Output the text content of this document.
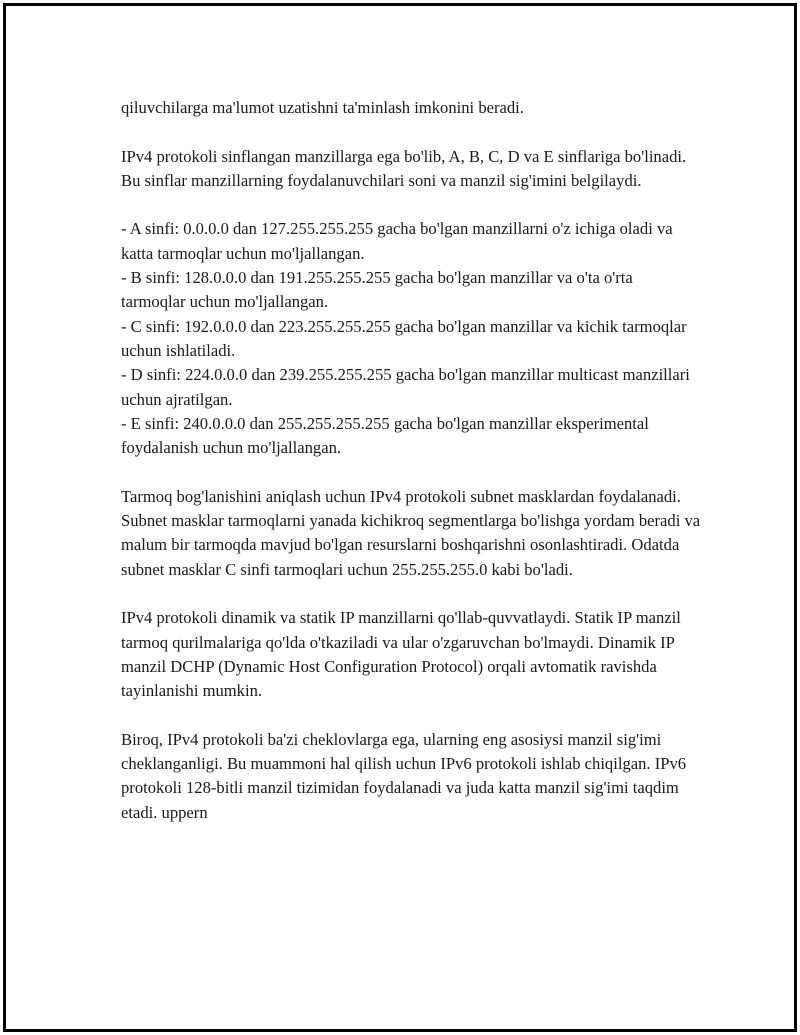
qiluvchilarga ma'lumot uzatishni ta'minlash imkonini beradi.

IPv4 protokoli sinflangan manzillarga ega bo'lib, A, B, C, D va E sinflariga bo'linadi. Bu sinflar manzillarning foydalanuvchilari soni va manzil sig'imini belgilaydi.

- A sinfi: 0.0.0.0 dan 127.255.255.255 gacha bo'lgan manzillarni o'z ichiga oladi va katta tarmoqlar uchun mo'ljallangan.
- B sinfi: 128.0.0.0 dan 191.255.255.255 gacha bo'lgan manzillar va o'ta o'rta tarmoqlar uchun mo'ljallangan.
- C sinfi: 192.0.0.0 dan 223.255.255.255 gacha bo'lgan manzillar va kichik tarmoqlar uchun ishlatiladi.
- D sinfi: 224.0.0.0 dan 239.255.255.255 gacha bo'lgan manzillar multicast manzillari uchun ajratilgan.
- E sinfi: 240.0.0.0 dan 255.255.255.255 gacha bo'lgan manzillar eksperimental foydalanish uchun mo'ljallangan.

Tarmoq bog'lanishini aniqlash uchun IPv4 protokoli subnet masklardan foydalanadi. Subnet masklar tarmoqlarni yanada kichikroq segmentlarga bo'lishga yordam beradi va malum bir tarmoqda mavjud bo'lgan resurslarni boshqarishni osonlashtiradi. Odatda subnet masklar C sinfi tarmoqlari uchun 255.255.255.0 kabi bo'ladi.

IPv4 protokoli dinamik va statik IP manzillarni qo'llab-quvvatlaydi. Statik IP manzil tarmoq qurilmalariga qo'lda o'tkaziladi va ular o'zgaruvchan bo'lmaydi. Dinamik IP manzil DCHP (Dynamic Host Configuration Protocol) orqali avtomatik ravishda tayinlanishi mumkin.

Biroq, IPv4 protokoli ba'zi cheklovlarga ega, ularning eng asosiysi manzil sig'imi cheklanganligi. Bu muammoni hal qilish uchun IPv6 protokoli ishlab chiqilgan. IPv6 protokoli 128-bitli manzil tizimidan foydalanadi va juda katta manzil sig'imi taqdim etadi. uppern
